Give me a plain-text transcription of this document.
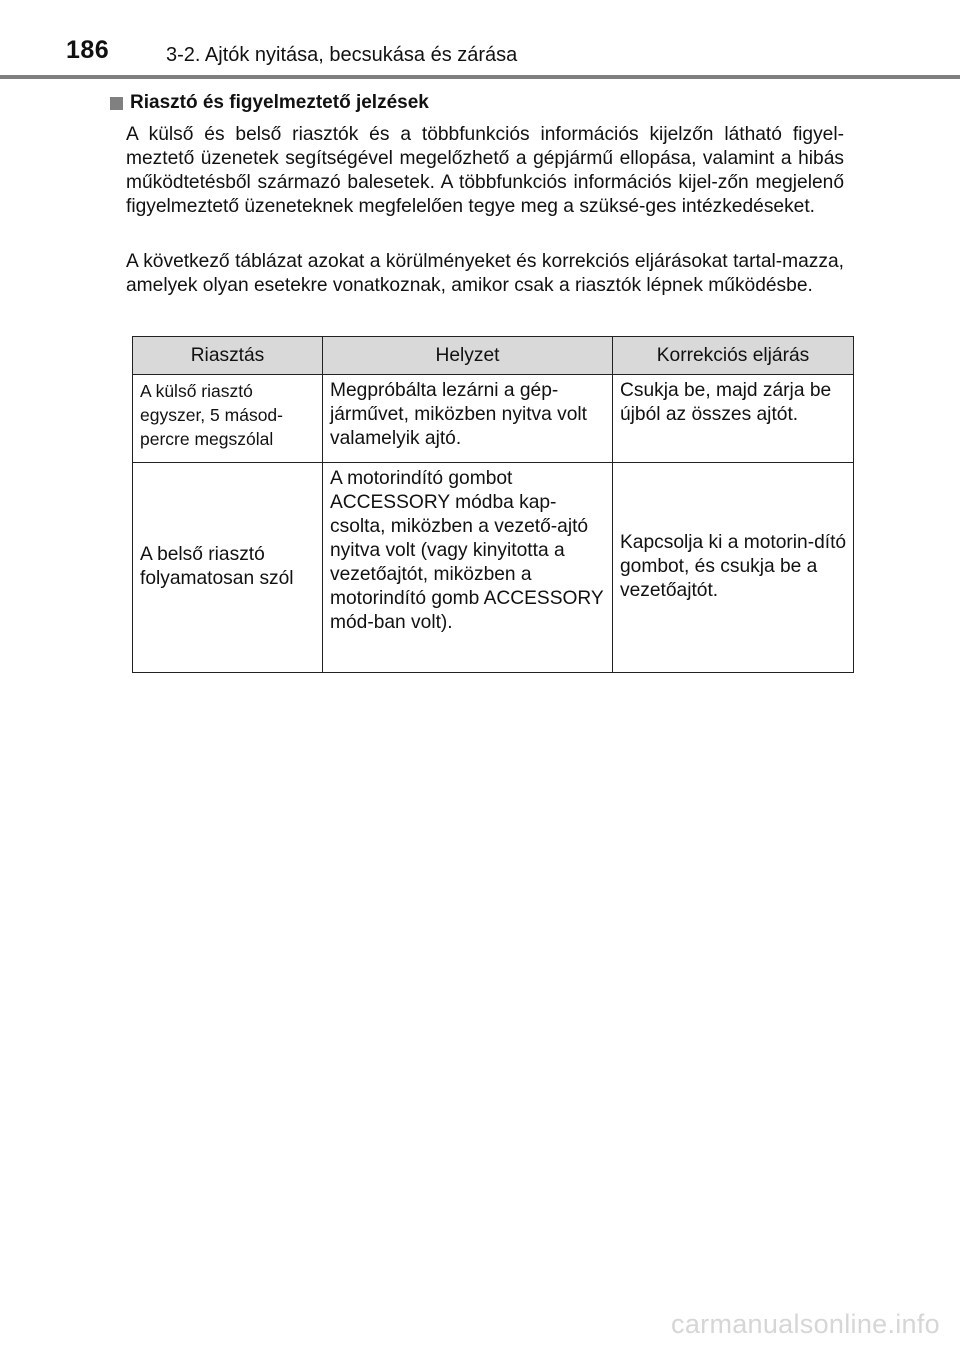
186	3-2. Ajtók nyitása, becsukása és zárása
Riasztó és figyelmeztető jelzések
A külső és belső riasztók és a többfunkciós információs kijelzőn látható figyel-meztető üzenetek segítségével megelőzhető a gépjármű ellopása, valamint a hibás működtetésből származó balesetek. A többfunkciós információs kijel-zőn megjelenő figyelmeztető üzeneteknek megfelelően tegye meg a szüksé-ges intézkedéseket.
A következő táblázat azokat a körülményeket és korrekciós eljárásokat tartal-mazza, amelyek olyan esetekre vonatkoznak, amikor csak a riasztók lépnek működésbe.
Riasztás	Helyzet	Korrekciós eljárás
A külső riasztó egyszer, 5 másod-percre megszólal	Megpróbálta lezárni a gép-járművet, miközben nyitva volt valamelyik ajtó.	Csukja be, majd zárja be újból az összes ajtót.
A belső riasztó folyamatosan szól	A motorindító gombot ACCESSORY módba kap-csolta, miközben a vezető-ajtó nyitva volt (vagy kinyitotta a vezetőajtót, miközben a motorindító gomb ACCESSORY mód-ban volt).	Kapcsolja ki a motorin-dító gombot, és csukja be a vezetőajtót.
carmanualsonline.info
